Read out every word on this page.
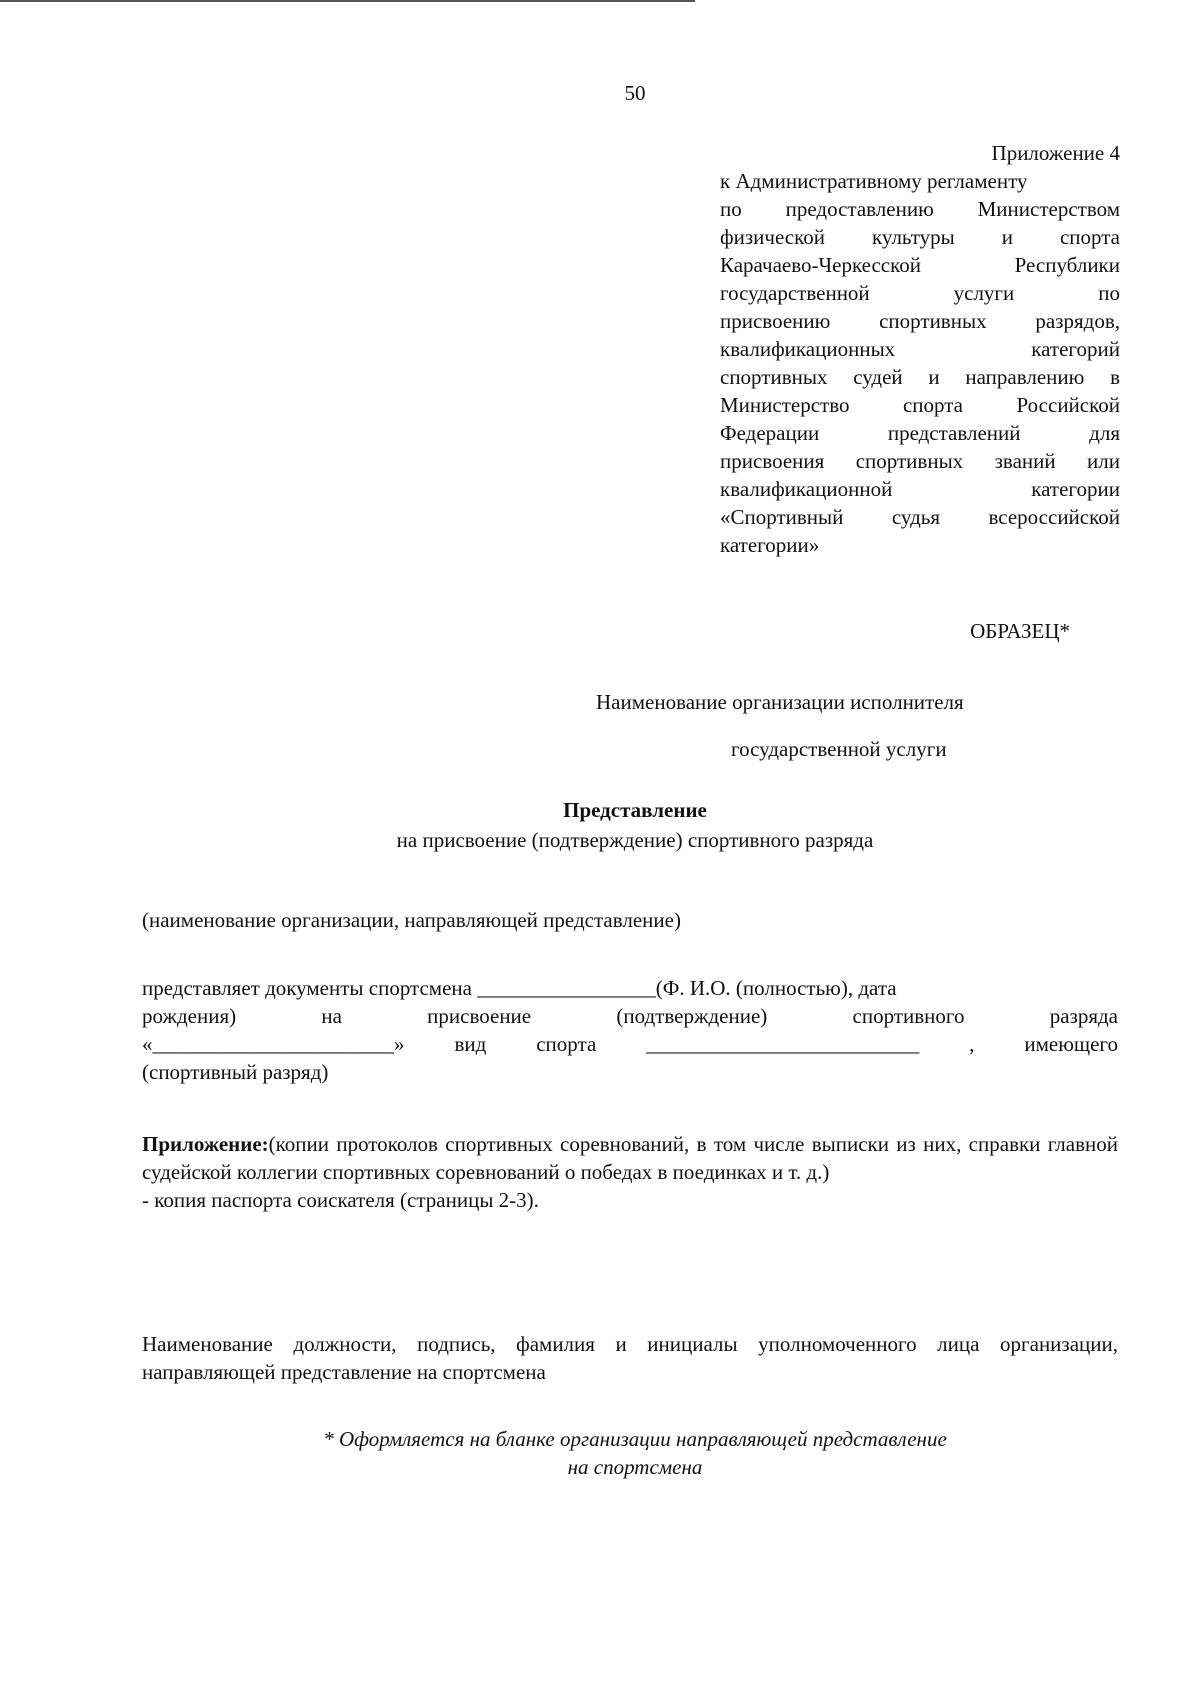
50
Приложение 4
к Административному регламенту
по предоставлению Министерством
физической культуры и спорта
Карачаево-Черкесской Республики
государственной услуги по
присвоению спортивных разрядов,
квалификационных категорий
спортивных судей и направлению в
Министерство спорта Российской
Федерации представлений для
присвоения спортивных званий или
квалификационной категории
«Спортивный судья всероссийской
категории»
ОБРАЗЕЦ*
Наименование организации исполнителя
государственной услуги
Представление
на присвоение (подтверждение) спортивного разряда
(наименование организации, направляющей представление)
представляет документы спортсмена _________________(Ф. И.О. (полностью), дата
рождения) на присвоение (подтверждение) спортивного разряда
«_______________________» вид спорта __________________________ , имеющего
(спортивный разряд)
Приложение:(копии протоколов спортивных соревнований, в том числе выписки из них, справки главной судейской коллегии спортивных соревнований о победах в поединках и т. д.)
- копия паспорта соискателя (страницы 2-3).
Наименование должности, подпись, фамилия и инициалы уполномоченного лица организации, направляющей представление на спортсмена
* Оформляется на бланке организации направляющей представление
на спортсмена
